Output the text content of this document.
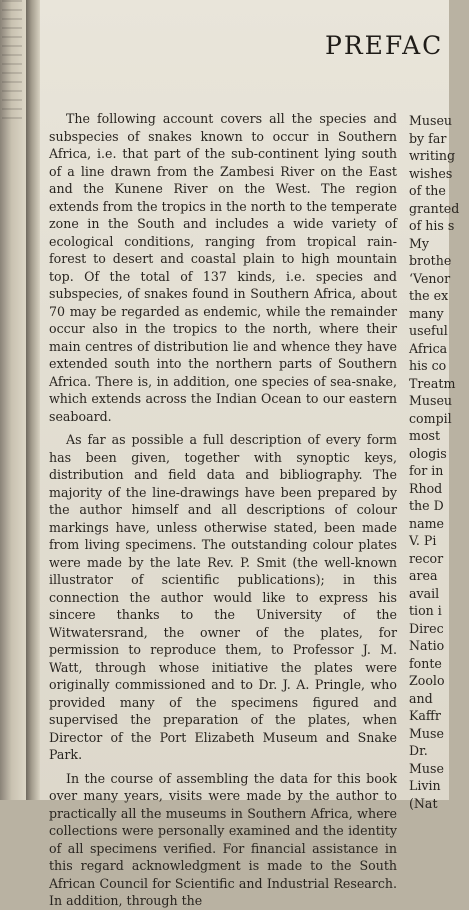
PREFAC

The following account covers all the species and subspecies of snakes known to occur in Southern Africa, i.e. that part of the sub-continent lying south of a line drawn from the Zambesi River on the East and the Kunene River on the West. The region extends from the tropics in the north to the temperate zone in the South and includes a wide variety of ecological conditions, ranging from tropical rain-forest to desert and coastal plain to high mountain top. Of the total of 137 kinds, i.e. species and subspecies, of snakes found in Southern Africa, about 70 may be regarded as endemic, while the remainder occur also in the tropics to the north, where their main centres of distribution lie and whence they have extended south into the northern parts of Southern Africa. There is, in addition, one species of sea-snake, which extends across the Indian Ocean to our eastern seaboard.

As far as possible a full description of every form has been given, together with synoptic keys, distribution and field data and bibliography. The majority of the line-drawings have been prepared by the author himself and all descriptions of colour markings have, unless otherwise stated, been made from living specimens. The outstanding colour plates were made by the late Rev. P. Smit (the well-known illustrator of scientific publications); in this connection the author would like to express his sincere thanks to the University of the Witwatersrand, the owner of the plates, for permission to reproduce them, to Professor J. M. Watt, through whose initiative the plates were originally commissioned and to Dr. J. A. Pringle, who provided many of the specimens figured and supervised the preparation of the plates, when Director of the Port Elizabeth Museum and Snake Park.

In the course of assembling the data for this book over many years, visits were made by the author to practically all the museums in Southern Africa, where collections were personally examined and the identity of all specimens verified. For financial assistance in this regard acknowledgment is made to the South African Council for Scientific and Industrial Research. In addition, through the

Museu
by far
writing
wishes
of the
granted
of his s
My
brothe
‘Venor
the ex
many
useful
Africa
his co
Treatm
Museu
compil
most
ologis
for in
Rhod
the D
name
V. Pi
recor
area
avail
tion i
Direc
Natio
fonte
Zoolo
and
Kaffr
Muse
Dr.
Muse
Livin
(Nat
